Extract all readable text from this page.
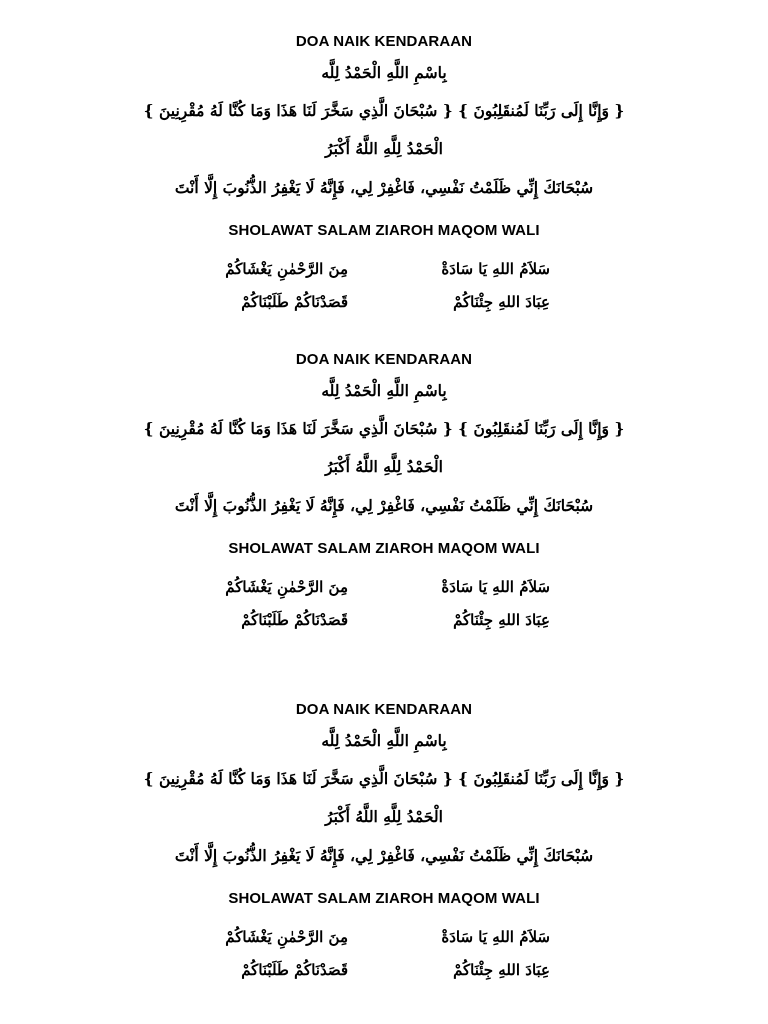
DOA NAIK KENDARAAN
بِاسْمِ اللَّهِ الْحَمْدُ لِلَّه
{ وَإِنَّا إِلَى رَبِّنَا لَمُنقَلِبُونَ } { سُبْحَانَ الَّذِي سَخَّرَ لَنَا هَذَا وَمَا كُنَّا لَهُ مُقْرِنِينَ }
الْحَمْدُ لِلَّهِ اللَّهُ أَكْبَرُ
سُبْحَانَكَ إِنِّي ظَلَمْتُ نَفْسِي، فَاغْفِرْ لِي، فَإِنَّهُ لَا يَغْفِرُ الذُّنُوبَ إِلَّا أَنْتَ
SHOLAWAT SALAM ZIAROH MAQOM WALI
سَلاَمُ اللهِ يَا سَادَةْ
مِنَ الرَّحْمٰنِ يَغْشَاكُمْ
عِبَادَ اللهِ جِئْنَاكُمْ
قَصَدْنَاكُمْ طَلَبْنَاكُمْ
DOA NAIK KENDARAAN
بِاسْمِ اللَّهِ الْحَمْدُ لِلَّه
{ وَإِنَّا إِلَى رَبِّنَا لَمُنقَلِبُونَ } { سُبْحَانَ الَّذِي سَخَّرَ لَنَا هَذَا وَمَا كُنَّا لَهُ مُقْرِنِينَ }
الْحَمْدُ لِلَّهِ اللَّهُ أَكْبَرُ
سُبْحَانَكَ إِنِّي ظَلَمْتُ نَفْسِي، فَاغْفِرْ لِي، فَإِنَّهُ لَا يَغْفِرُ الذُّنُوبَ إِلَّا أَنْتَ
SHOLAWAT SALAM ZIAROH MAQOM WALI
سَلاَمُ اللهِ يَا سَادَةْ
مِنَ الرَّحْمٰنِ يَغْشَاكُمْ
عِبَادَ اللهِ جِئْنَاكُمْ
قَصَدْنَاكُمْ طَلَبْنَاكُمْ
DOA NAIK KENDARAAN
بِاسْمِ اللَّهِ الْحَمْدُ لِلَّه
{ وَإِنَّا إِلَى رَبِّنَا لَمُنقَلِبُونَ } { سُبْحَانَ الَّذِي سَخَّرَ لَنَا هَذَا وَمَا كُنَّا لَهُ مُقْرِنِينَ }
الْحَمْدُ لِلَّهِ اللَّهُ أَكْبَرُ
سُبْحَانَكَ إِنِّي ظَلَمْتُ نَفْسِي، فَاغْفِرْ لِي، فَإِنَّهُ لَا يَغْفِرُ الذُّنُوبَ إِلَّا أَنْتَ
SHOLAWAT SALAM ZIAROH MAQOM WALI
سَلاَمُ اللهِ يَا سَادَةْ
مِنَ الرَّحْمٰنِ يَغْشَاكُمْ
عِبَادَ اللهِ جِئْنَاكُمْ
قَصَدْنَاكُمْ طَلَبْنَاكُمْ
